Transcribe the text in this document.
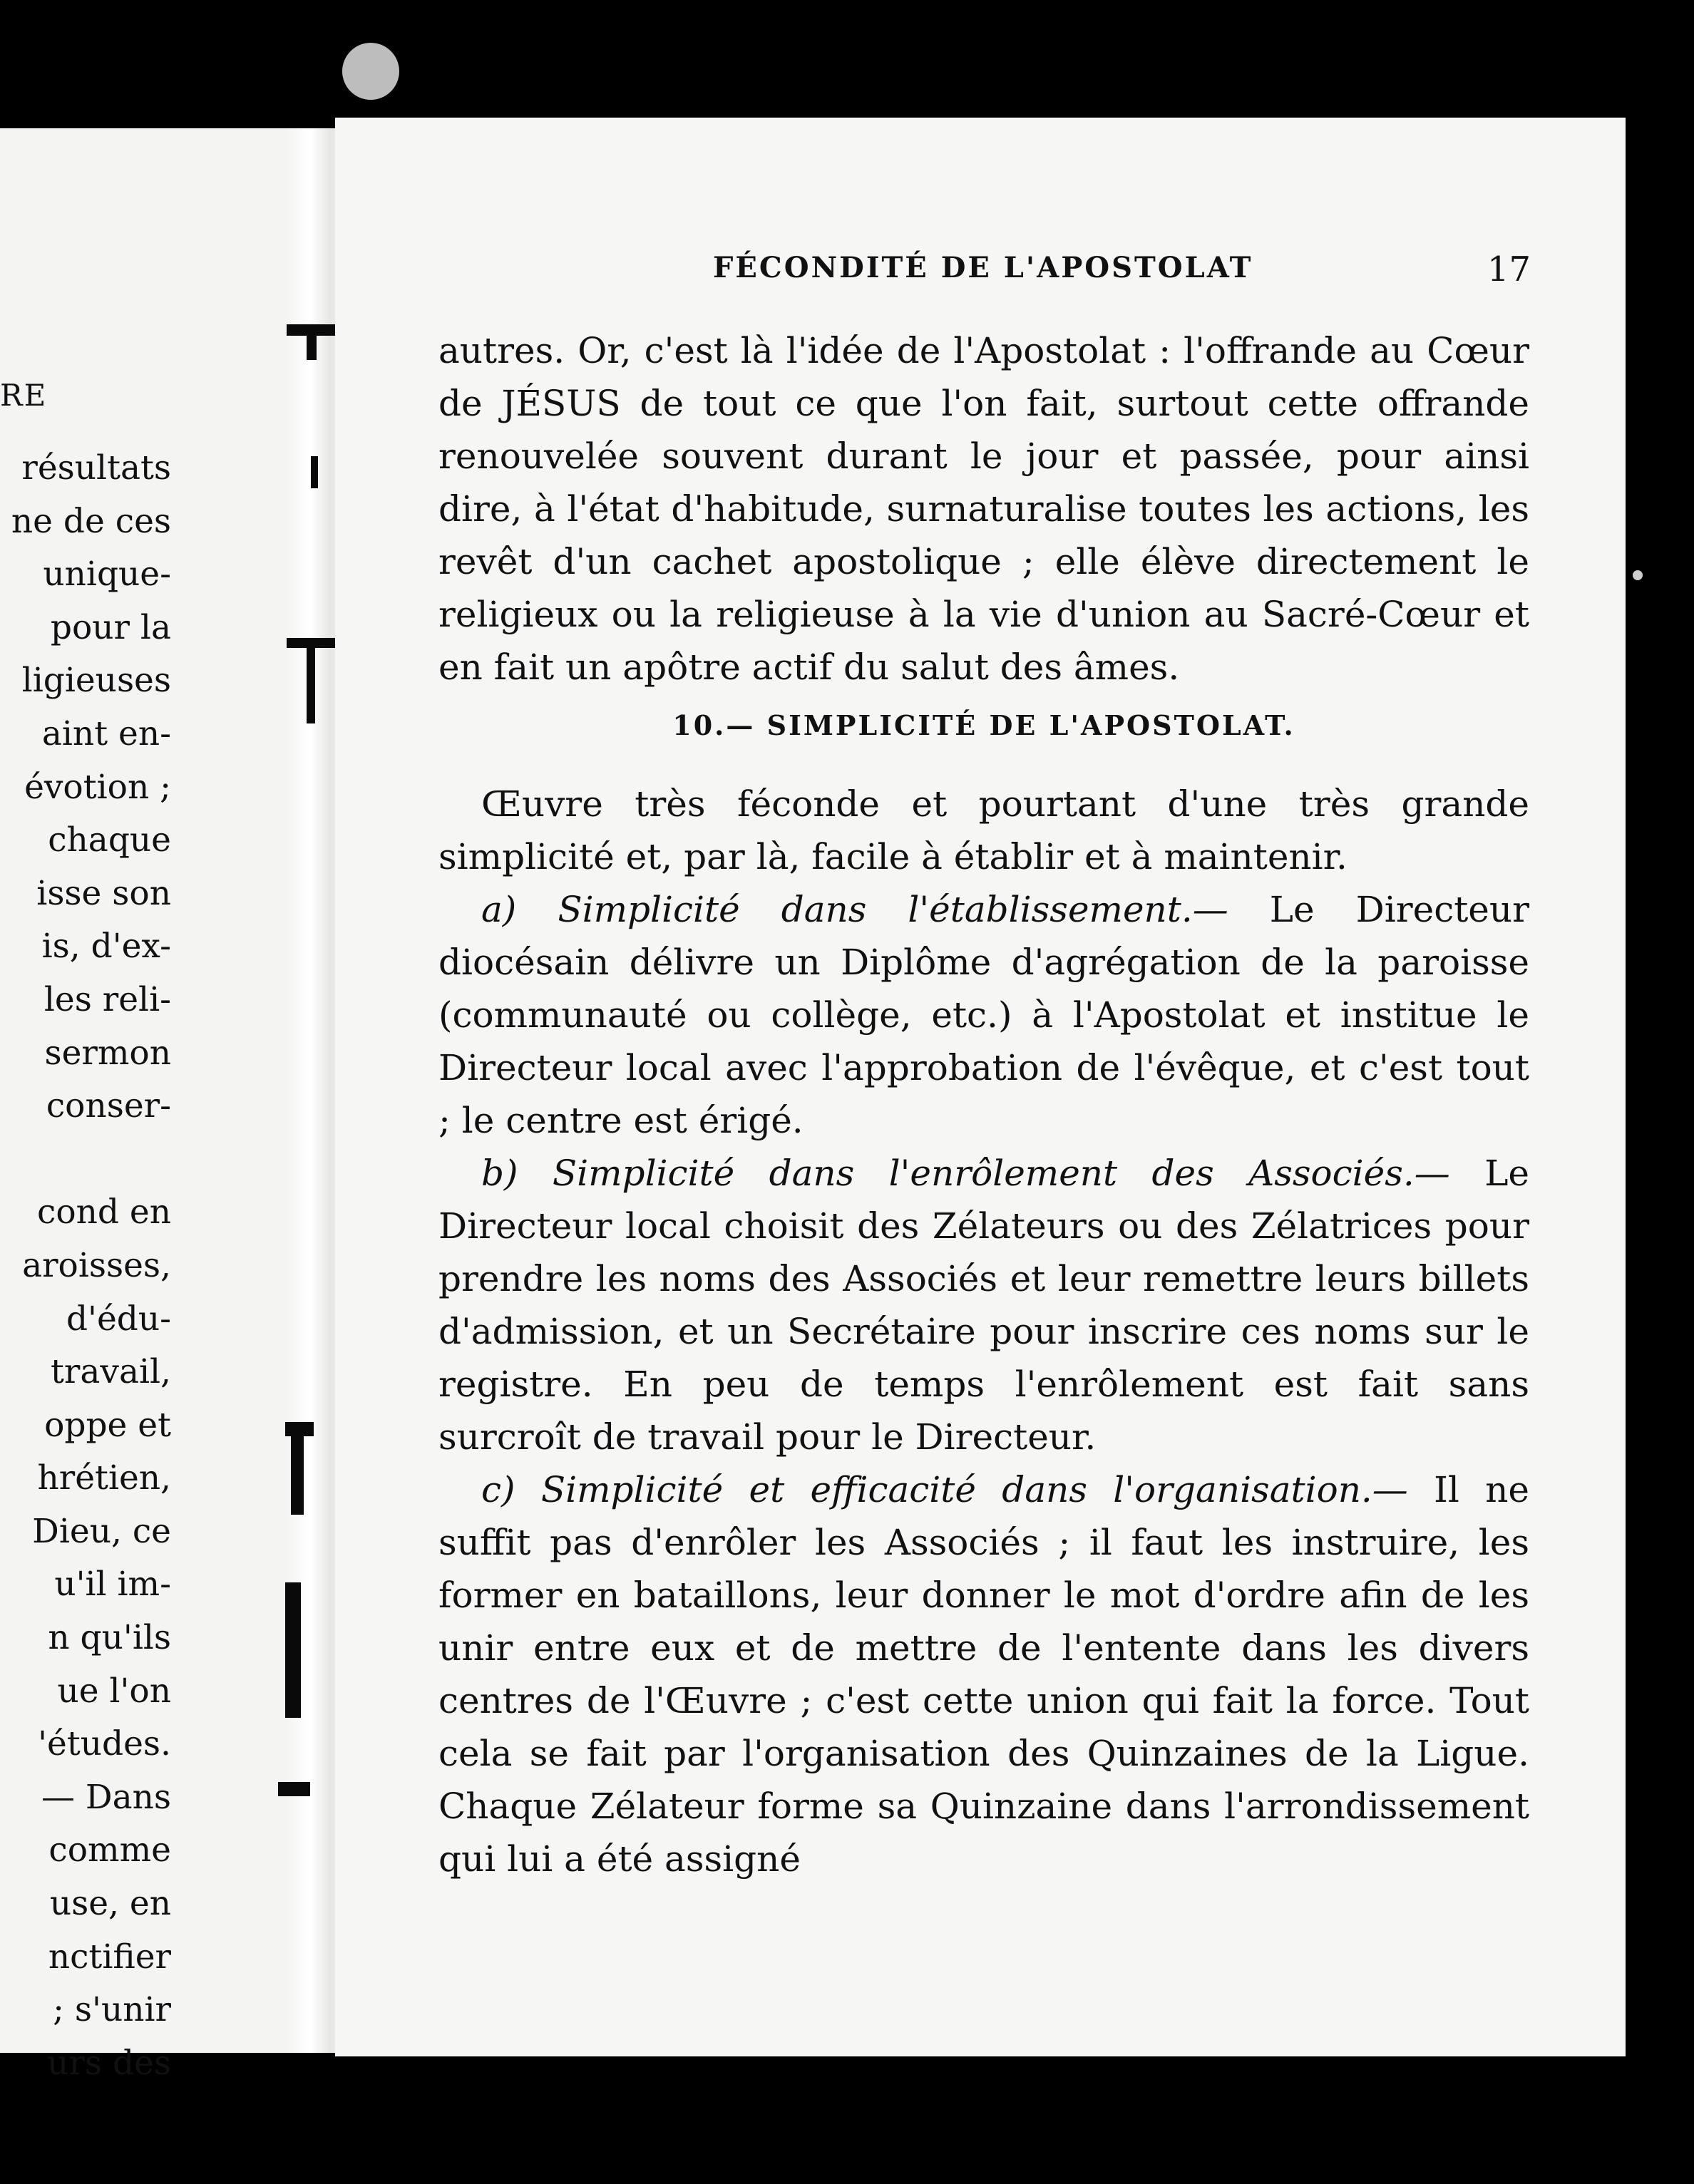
RE
résultats
ne de ces
unique-
pour la
ligieuses
aint en-
évotion ;
chaque
isse son
is, d'ex-
les reli-
sermon
conser-
cond en
aroisses,
d'édu-
travail,
oppe et
hrétien,
Dieu, ce
u'il im-
n qu'ils
ue l'on
'études.
— Dans
comme
use, en
nctifier
; s'unir
urs des
FÉCONDITÉ DE L'APOSTOLAT	17

autres. Or, c'est là l'idée de l'Apostolat : l'offrande au Cœur de JÉSUS de tout ce que l'on fait, surtout cette offrande renouvelée souvent durant le jour et passée, pour ainsi dire, à l'état d'habitude, surnaturalise toutes les actions, les revêt d'un cachet apostolique ; elle élève directement le religieux ou la religieuse à la vie d'union au Sacré-Cœur et en fait un apôtre actif du salut des âmes.

10.— SIMPLICITÉ DE L'APOSTOLAT.

Œuvre très féconde et pourtant d'une très grande simplicité et, par là, facile à établir et à maintenir.

a) Simplicité dans l'établissement.— Le Directeur diocésain délivre un Diplôme d'agrégation de la paroisse (communauté ou collège, etc.) à l'Apostolat et institue le Directeur local avec l'approbation de l'évêque, et c'est tout ; le centre est érigé.

b) Simplicité dans l'enrôlement des Associés.— Le Directeur local choisit des Zélateurs ou des Zélatrices pour prendre les noms des Associés et leur remettre leurs billets d'admission, et un Secrétaire pour inscrire ces noms sur le registre. En peu de temps l'enrôlement est fait sans surcroît de travail pour le Directeur.

c) Simplicité et efficacité dans l'organisation.— Il ne suffit pas d'enrôler les Associés ; il faut les instruire, les former en bataillons, leur donner le mot d'ordre afin de les unir entre eux et de mettre de l'entente dans les divers centres de l'Œuvre ; c'est cette union qui fait la force. Tout cela se fait par l'organisation des Quinzaines de la Ligue. Chaque Zélateur forme sa Quinzaine dans l'arrondissement qui lui a été assigné
